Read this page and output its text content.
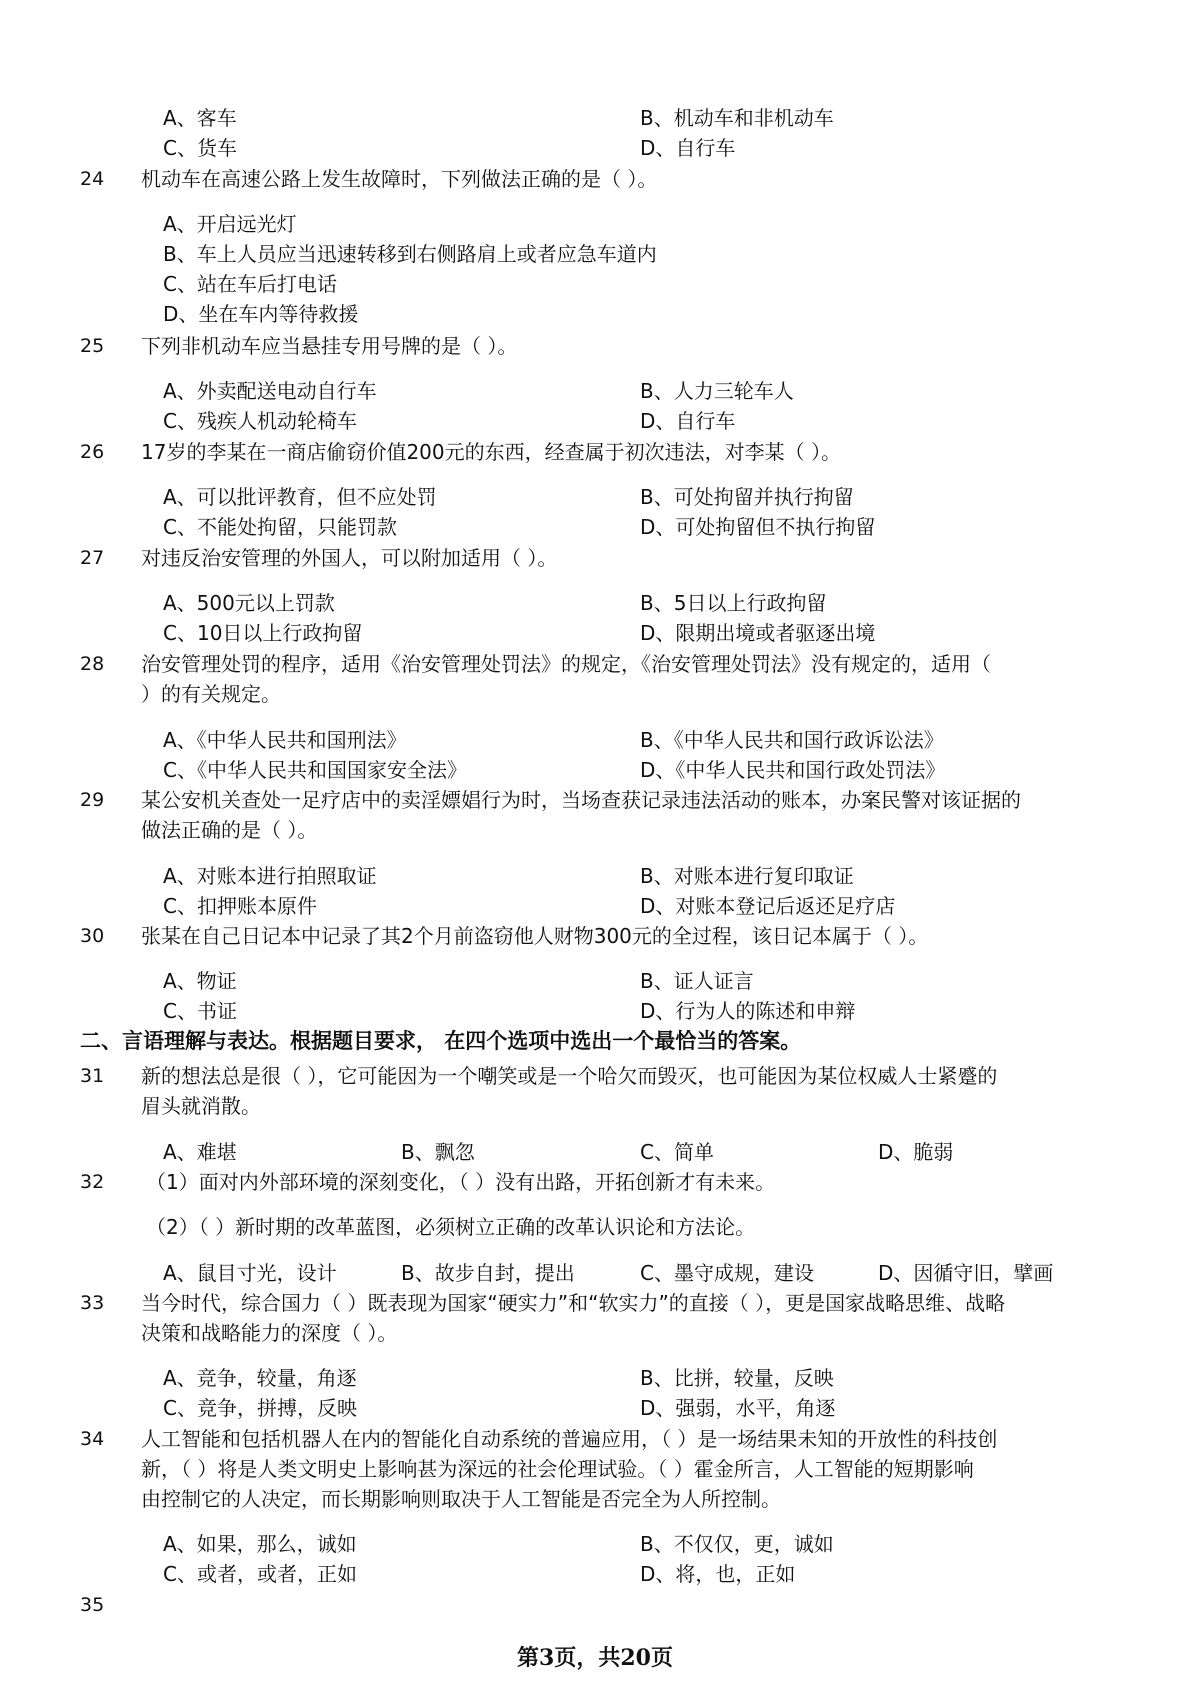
A、客车	B、机动车和非机动车
C、货车	D、自行车
24 机动车在高速公路上发生故障时，下列做法正确的是（ ）。
A、开启远光灯
B、车上人员应当迅速转移到右侧路肩上或者应急车道内
C、站在车后打电话
D、坐在车内等待救援
25 下列非机动车应当悬挂专用号牌的是（ ）。
A、外卖配送电动自行车	B、人力三轮车人
C、残疾人机动轮椅车	D、自行车
26 17岁的李某在一商店偷窃价值200元的东西，经查属于初次违法，对李某（ ）。
A、可以批评教育，但不应处罚	B、可处拘留并执行拘留
C、不能处拘留，只能罚款	D、可处拘留但不执行拘留
27 对违反治安管理的外国人，可以附加适用（ ）。
A、500元以上罚款	B、5日以上行政拘留
C、10日以上行政拘留	D、限期出境或者驱逐出境
28 治安管理处罚的程序，适用《治安管理处罚法》的规定，《治安管理处罚法》没有规定的，适用（
）的有关规定。
A、《中华人民共和国刑法》	B、《中华人民共和国行政诉讼法》
C、《中华人民共和国国家安全法》	D、《中华人民共和国行政处罚法》
29 某公安机关查处一足疗店中的卖淫嫖娼行为时，当场查获记录违法活动的账本，办案民警对该证据的
做法正确的是（ ）。
A、对账本进行拍照取证	B、对账本进行复印取证
C、扣押账本原件	D、对账本登记后返还足疗店
30 张某在自己日记本中记录了其2个月前盗窃他人财物300元的全过程，该日记本属于（ ）。
A、物证	B、证人证言
C、书证	D、行为人的陈述和申辩
二、言语理解与表达。根据题目要求， 在四个选项中选出一个最恰当的答案。
31 新的想法总是很（ ），它可能因为一个嘲笑或是一个哈欠而毁灭，也可能因为某位权威人士紧蹙的
眉头就消散。
A、难堪	B、飘忽	C、简单	D、脆弱
32 （1）面对内外部环境的深刻变化，（ ）没有出路，开拓创新才有未来。
（2）（ ）新时期的改革蓝图，必须树立正确的改革认识论和方法论。
A、鼠目寸光，设计	B、故步自封，提出	C、墨守成规，建设	D、因循守旧，擘画
33 当今时代，综合国力（ ）既表现为国家“硬实力”和“软实力”的直接（ ），更是国家战略思维、战略
决策和战略能力的深度（ ）。
A、竞争，较量，角逐	B、比拼，较量，反映
C、竞争，拼搏，反映	D、强弱，水平，角逐
34 人工智能和包括机器人在内的智能化自动系统的普遍应用，（ ）是一场结果未知的开放性的科技创
新，（ ）将是人类文明史上影响甚为深远的社会伦理试验。（ ）霍金所言，人工智能的短期影响
由控制它的人决定，而长期影响则取决于人工智能是否完全为人所控制。
A、如果，那么，诚如	B、不仅仅，更，诚如
C、或者，或者，正如	D、将，也，正如
35
第3页，共20页
